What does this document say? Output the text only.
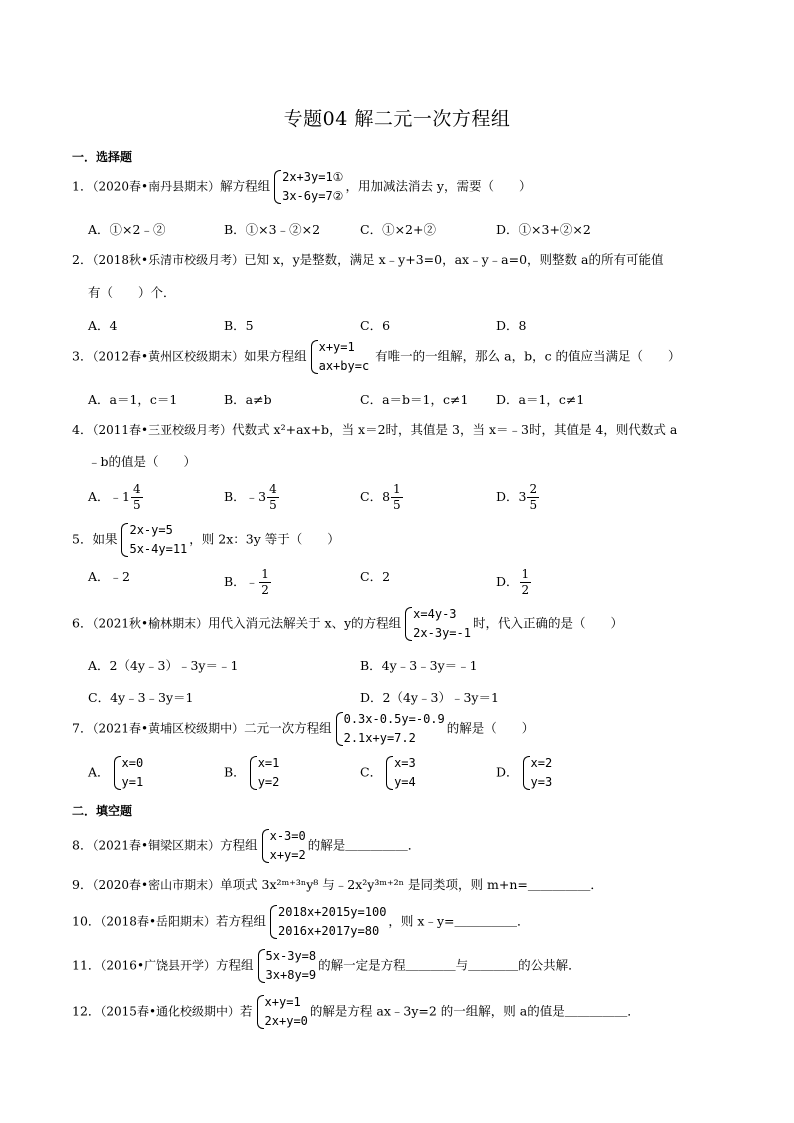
专题04 解二元一次方程组
一．选择题
1．（2020春•南丹县期末）解方程组
2x+3y=1①
3x-6y=7②
，用加减法消去 y，需要（　　）
A．①×2﹣②	B．①×3﹣②×2	C．①×2+②	D．①×3+②×2
2．（2018秋•乐清市校级月考）已知 x，y是整数，满足 x﹣y+3=0，ax﹣y﹣a=0，则整数 a的所有可能值
有（　　）个．
A．4	B．5	C．6	D．8
3．（2012春•黄州区校级期末）如果方程组
x+y=1
ax+by=c
有唯一的一组解，那么 a，b，c 的值应当满足（　　）
A．a＝1，c＝1	B．a≠b	C．a＝b＝1，c≠1 D．a＝1，c≠1
4．（2011春•三亚校级月考）代数式 x²+ax+b，当 x＝2时，其值是 3，当 x＝﹣3时，其值是 4，则代数式 a
﹣b的值是（　　）
A．﹣1 $\frac{4}{5}$	B．﹣3 $\frac{4}{5}$	C．$8 \frac{1}{5}$	D．$3 \frac{2}{5}$
5．如果
2x-y=5
5x-4y=11
，则 2x：3y 等于（　　）
A．﹣2	B．﹣ $\frac{1}{2}$	C．2	D． $\frac{1}{2}$
6．（2021秋•榆林期末）用代入消元法解关于 x、y的方程组
x=4y-3
2x-3y=-1
时，代入正确的是（　　）
A．2（4y﹣3）﹣3y＝﹣1	B．4y﹣3﹣3y＝﹣1
C．4y﹣3﹣3y＝1	D．2（4y﹣3）﹣3y＝1
7．（2021春•黄埔区校级期中）二元一次方程组
0.3x-0.5y=-0.9
2.1x+y=7.2
的解是（　　）
A．
x=0
y=1
B．
x=1
y=2
C．
x=3
y=4
D．
x=2
y=3
二．填空题
8．（2021春•铜梁区期末）方程组
x-3=0
x+y=2
的解是＿＿＿＿＿．
9．（2020春•密山市期末）单项式 3x²ᵐ⁺³ⁿy⁸ 与﹣2x²y³ᵐ⁺²ⁿ 是同类项，则 m+n=＿＿＿＿＿．
10．（2018春•岳阳期末）若方程组
2018x+2015y=100
2016x+2017y=80
，则 x﹣y=＿＿＿＿＿．
11．（2016•广饶县开学）方程组
5x-3y=8
3x+8y=9
的解一定是方程＿＿＿＿与＿＿＿＿的公共解．
12．（2015春•通化校级期中）若
x+y=1
2x+y=0
的解是方程 ax﹣3y=2 的一组解，则 a的值是＿＿＿＿＿．
